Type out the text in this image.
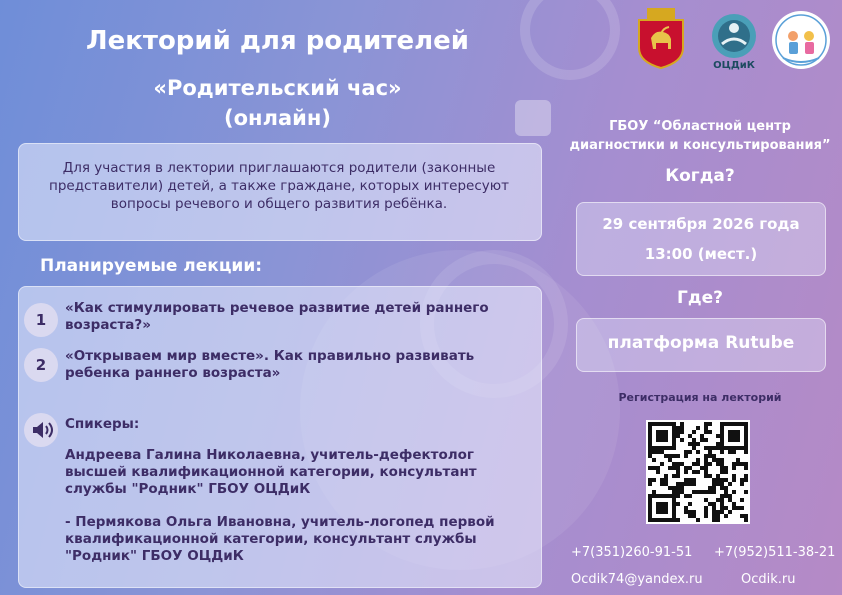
Лекторий для родителей
«Родительский час»
(онлайн)
Для участия в лектории приглашаются родители (законные представители) детей, а также граждане, которых интересуют вопросы речевого и общего развития ребёнка.
Планируемые лекции:
1
«Как стимулировать речевое развитие детей раннего возраста?»
2	«Открываем мир вместе». Как правильно развивать ребенка раннего возраста»
Спикеры:
Андреева Галина Николаевна, учитель-дефектолог высшей квалификационной категории, консультант службы "Родник" ГБОУ ОЦДиК
- Пермякова Ольга Ивановна, учитель-логопед первой квалификационной категории, консультант службы "Родник" ГБОУ ОЦДиК
ОЦДиК
ГБОУ “Областной центр диагностики и консультирования”
Когда?
29 сентября 2026 года
13:00 (мест.)
Где?
платформа Rutube
Регистрация на лекторий
+7(351)260-91-51 +7(952)511-38-21
Ocdik74@yandex.ru	Ocdik.ru
